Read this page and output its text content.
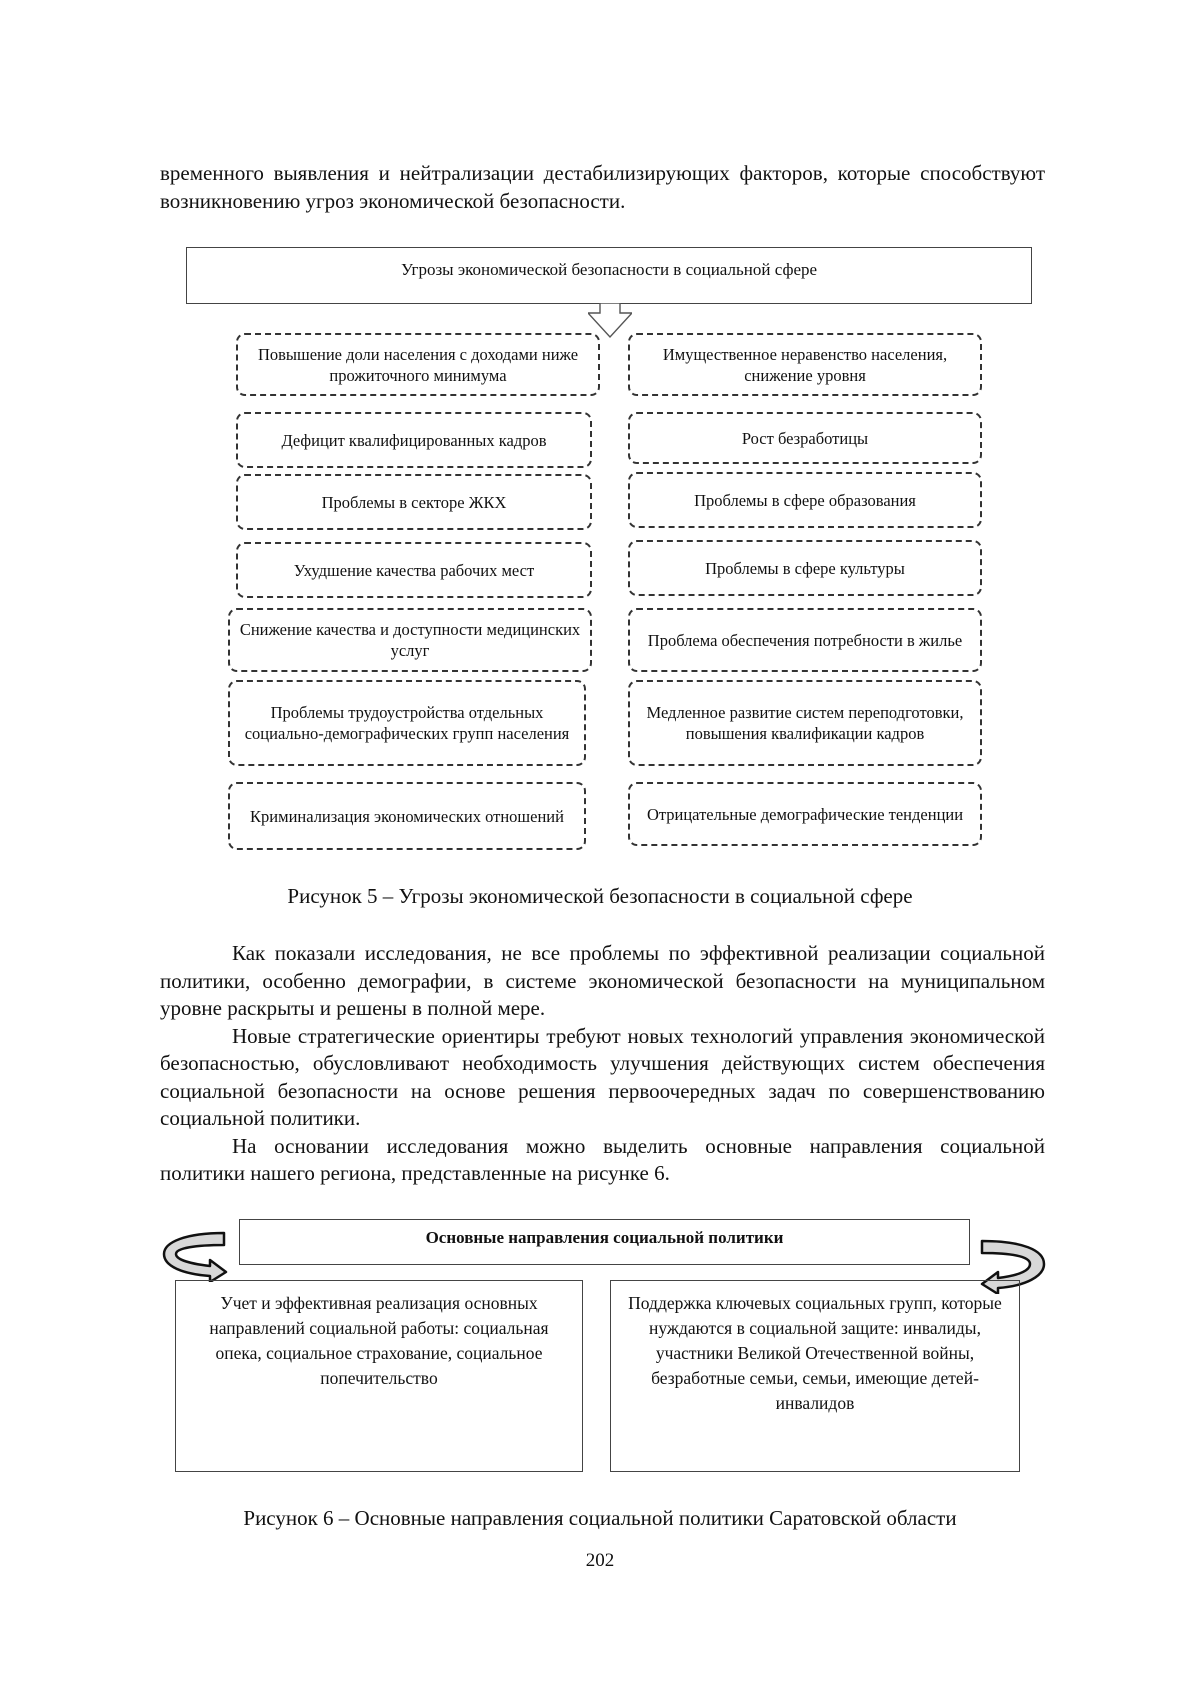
временного выявления и нейтрализации дестабилизирующих факторов, которые способствуют возникновению угроз экономической безопасности.

Угрозы экономической безопасности в социальной сфере
Повышение доли населения с доходами ниже прожиточного минимума
Дефицит квалифицированных кадров
Проблемы в секторе ЖКХ
Ухудшение качества рабочих мест
Снижение качества и доступности медицинских услуг
Проблемы трудоустройства отдельных социально-демографических групп населения
Криминализация экономических отношений
Имущественное неравенство населения, снижение уровня
Рост безработицы
Проблемы в сфере образования
Проблемы в сфере культуры
Проблема обеспечения потребности в жилье
Медленное развитие систем переподготовки, повышения квалификации кадров
Отрицательные демографические тенденции
Рисунок 5 – Угрозы экономической безопасности в социальной сфере

Как показали исследования, не все проблемы по эффективной реализации социальной политики, особенно демографии, в системе экономической безопасности на муниципальном уровне раскрыты и решены в полной мере.

Новые стратегические ориентиры требуют новых технологий управления экономической безопасностью, обусловливают необходимость улучшения действующих систем обеспечения социальной безопасности на основе решения первоочередных задач по совершенствованию социальной политики.

На основании исследования можно выделить основные направления социальной политики нашего региона, представленные на рисунке 6.

Основные направления социальной политики
Учет и эффективная реализация основных направлений социальной работы: социальная опека, социальное страхование, социальное попечительство
Поддержка ключевых социальных групп, которые нуждаются в социальной защите: инвалиды, участники Великой Отечественной войны, безработные семьи, семьи, имеющие детей-инвалидов
Рисунок 6 – Основные направления социальной политики Саратовской области
202
